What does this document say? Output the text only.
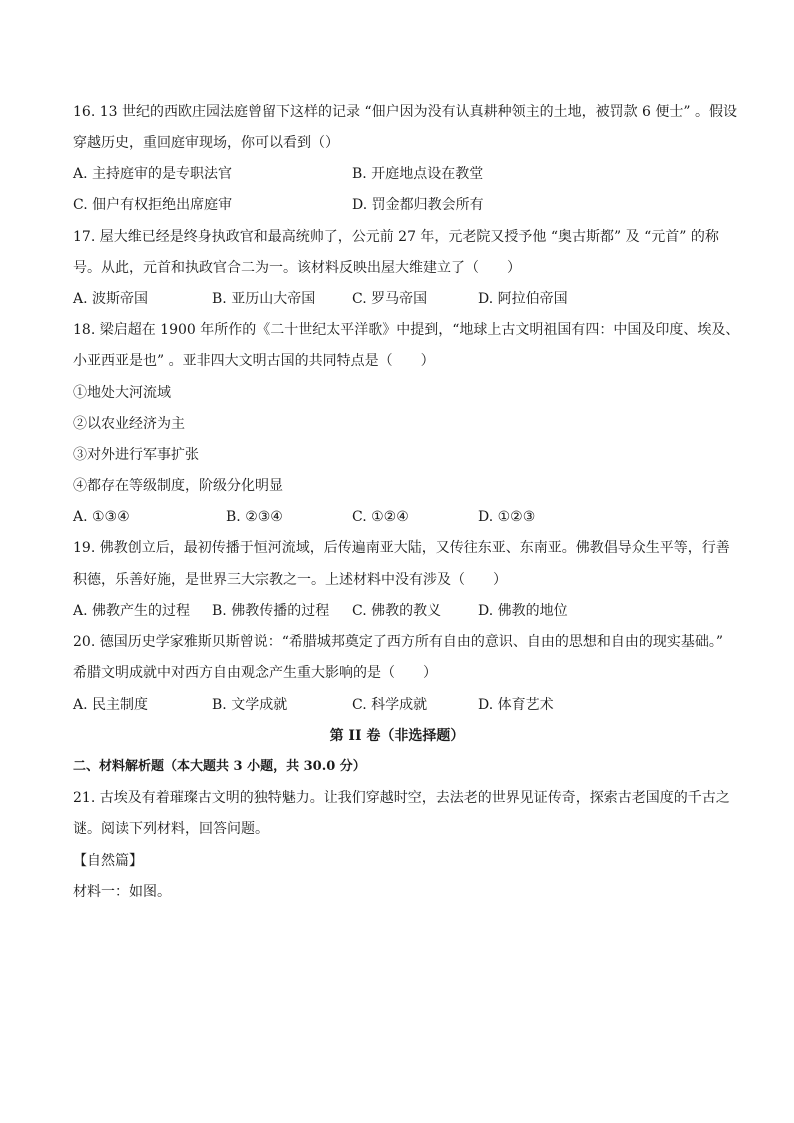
16. 13 世纪的西欧庄园法庭曾留下这样的记录 “佃户因为没有认真耕种领主的土地，被罚款 6 便士” 。假设
穿越历史，重回庭审现场，你可以看到（）
A. 主持庭审的是专职法官	B. 开庭地点设在教堂
C. 佃户有权拒绝出席庭审	D. 罚金都归教会所有
17. 屋大维已经是终身执政官和最高统帅了，公元前 27 年，元老院又授予他 “奥古斯都” 及 “元首” 的称
号。从此，元首和执政官合二为一。该材料反映出屋大维建立了（　　）
A. 波斯帝国	B. 亚历山大帝国	C. 罗马帝国	D. 阿拉伯帝国
18. 梁启超在 1900 年所作的《二十世纪太平洋歌》中提到，“地球上古文明祖国有四：中国及印度、埃及、
小亚西亚是也” 。亚非四大文明古国的共同特点是（　　）
①地处大河流域
②以农业经济为主
③对外进行军事扩张
④都存在等级制度，阶级分化明显
A. ①③④	B. ②③④	C. ①②④	D. ①②③
19. 佛教创立后，最初传播于恒河流域，后传遍南亚大陆，又传往东亚、东南亚。佛教倡导众生平等，行善
积德，乐善好施，是世界三大宗教之一。上述材料中没有涉及（　　）
A. 佛教产生的过程 B. 佛教传播的过程 C. 佛教的教义	D. 佛教的地位
20. 德国历史学家雅斯贝斯曾说：“希腊城邦奠定了西方所有自由的意识、自由的思想和自由的现实基础。”
希腊文明成就中对西方自由观念产生重大影响的是（　　）
A. 民主制度	B. 文学成就	C. 科学成就	D. 体育艺术
第 II 卷（非选择题）
二、材料解析题（本大题共 3 小题，共 30.0 分）
21. 古埃及有着璀璨古文明的独特魅力。让我们穿越时空，去法老的世界见证传奇，探索古老国度的千古之
谜。阅读下列材料，回答问题。
【自然篇】
材料一：如图。
